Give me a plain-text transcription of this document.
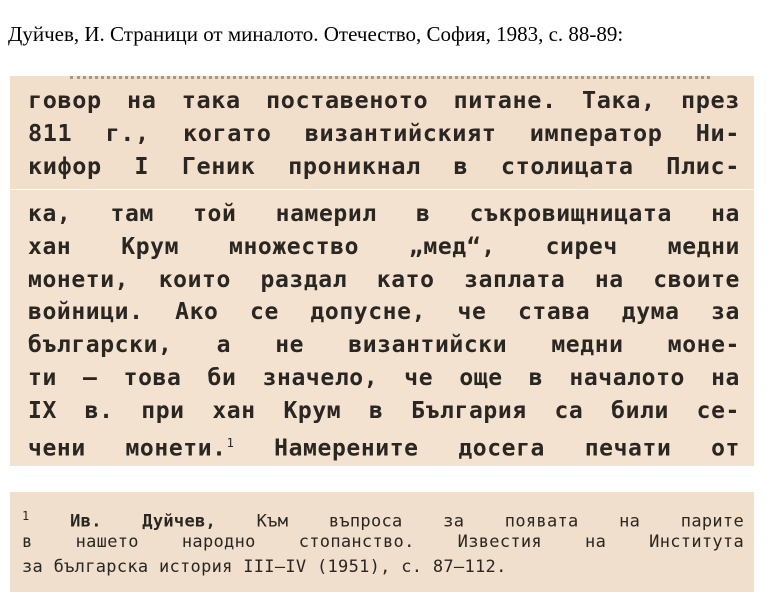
Дуйчев, И. Страници от миналото. Отечество, София, 1983, с. 88-89:
говор на така поставеното питане. Така, през
811 г., когато византийският император Ни-
кифор I Геник проникнал в столицата Плис-
ка, там той намерил в съкровищницата на
хан Крум множество „мед“, сиреч медни
монети, които раздал като заплата на своите
войници. Ако се допусне, че става дума за
български, а не византийски медни моне-
ти — това би значело, че още в началото на
IX в. при хан Крум в България са били се-
чени монети.$^1$ Намерените досега печати от
$^1$ Ив. Дуйчев, Към въпроса за появата на парите
в нашето народно стопанство. Известия на Института
за българска история III—IV (1951), с. 87—112.
